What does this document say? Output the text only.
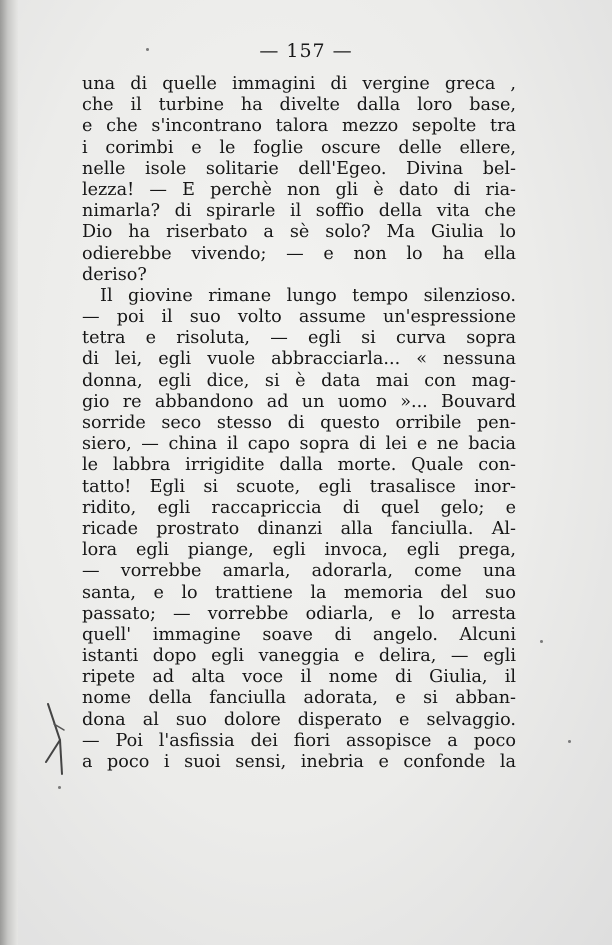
— 157 —
una di quelle immagini di vergine greca ,
che il turbine ha divelte dalla loro base,
e che s'incontrano talora mezzo sepolte tra
i corimbi e le foglie oscure delle ellere,
nelle isole solitarie dell'Egeo. Divina bel-
lezza! — E perchè non gli è dato di ria-
nimarla? di spirarle il soffio della vita che
Dio ha riserbato a sè solo? Ma Giulia lo
odierebbe vivendo; — e non lo ha ella
deriso?
Il giovine rimane lungo tempo silenzioso.
— poi il suo volto assume un'espressione
tetra e risoluta, — egli si curva sopra
di lei, egli vuole abbracciarla... « nessuna
donna, egli dice, si è data mai con mag-
gio re abbandono ad un uomo »... Bouvard
sorride seco stesso di questo orribile pen-
siero, — china il capo sopra di lei e ne bacia
le labbra irrigidite dalla morte. Quale con-
tatto! Egli si scuote, egli trasalisce inor-
ridito, egli raccapriccia di quel gelo; e
ricade prostrato dinanzi alla fanciulla. Al-
lora egli piange, egli invoca, egli prega,
— vorrebbe amarla, adorarla, come una
santa, e lo trattiene la memoria del suo
passato; — vorrebbe odiarla, e lo arresta
quell' immagine soave di angelo. Alcuni
istanti dopo egli vaneggia e delira, — egli
ripete ad alta voce il nome di Giulia, il
nome della fanciulla adorata, e si abban-
dona al suo dolore disperato e selvaggio.
— Poi l'asfissia dei fiori assopisce a poco
a poco i suoi sensi, inebria e confonde la
